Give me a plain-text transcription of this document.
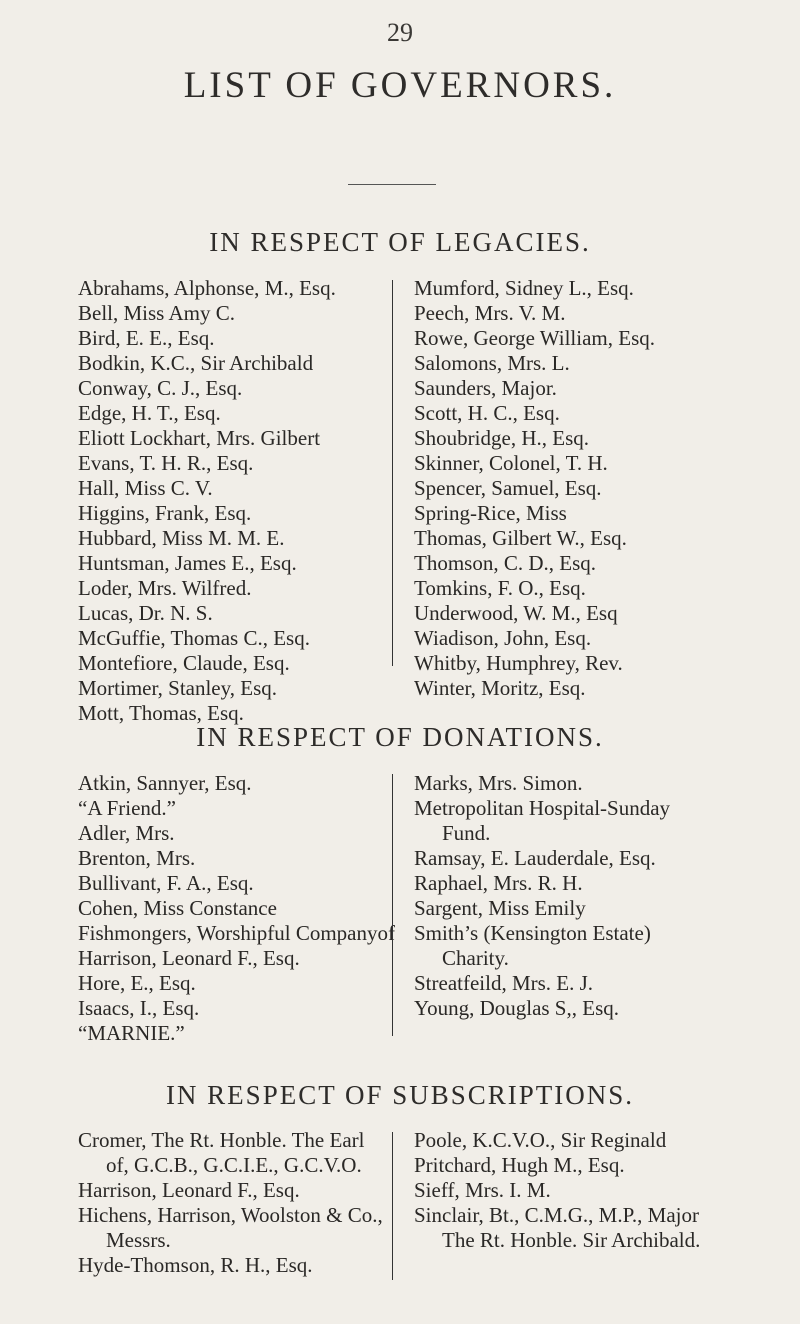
29
LIST OF GOVERNORS.
IN RESPECT OF LEGACIES.
Abrahams, Alphonse, M., Esq.
Bell, Miss Amy C.
Bird, E. E., Esq.
Bodkin, K.C., Sir Archibald
Conway, C. J., Esq.
Edge, H. T., Esq.
Eliott Lockhart, Mrs. Gilbert
Evans, T. H. R., Esq.
Hall, Miss C. V.
Higgins, Frank, Esq.
Hubbard, Miss M. M. E.
Huntsman, James E., Esq.
Loder, Mrs. Wilfred.
Lucas, Dr. N. S.
McGuffie, Thomas C., Esq.
Montefiore, Claude, Esq.
Mortimer, Stanley, Esq.
Mott, Thomas, Esq.
Mumford, Sidney L., Esq.
Peech, Mrs. V. M.
Rowe, George William, Esq.
Salomons, Mrs. L.
Saunders, Major.
Scott, H. C., Esq.
Shoubridge, H., Esq.
Skinner, Colonel, T. H.
Spencer, Samuel, Esq.
Spring-Rice, Miss
Thomas, Gilbert W., Esq.
Thomson, C. D., Esq.
Tomkins, F. O., Esq.
Underwood, W. M., Esq
Wiadison, John, Esq.
Whitby, Humphrey, Rev.
Winter, Moritz, Esq.
IN RESPECT OF DONATIONS.
Atkin, Sannyer, Esq.
“A Friend.”
Adler, Mrs.
Brenton, Mrs.
Bullivant, F. A., Esq.
Cohen, Miss Constance
Fishmongers, Worshipful Companyof
Harrison, Leonard F., Esq.
Hore, E., Esq.
Isaacs, I., Esq.
“MARNIE.”
Marks, Mrs. Simon.
Metropolitan Hospital-Sunday
Fund.
Ramsay, E. Lauderdale, Esq.
Raphael, Mrs. R. H.
Sargent, Miss Emily
Smith’s (Kensington Estate)
Charity.
Streatfeild, Mrs. E. J.
Young, Douglas S,, Esq.
IN RESPECT OF SUBSCRIPTIONS.
Cromer, The Rt. Honble. The Earl
of, G.C.B., G.C.I.E., G.C.V.O.
Harrison, Leonard F., Esq.
Hichens, Harrison, Woolston & Co.,
Messrs.
Hyde-Thomson, R. H., Esq.
Poole, K.C.V.O., Sir Reginald
Pritchard, Hugh M., Esq.
Sieff, Mrs. I. M.
Sinclair, Bt., C.M.G., M.P., Major
The Rt. Honble. Sir Archibald.
